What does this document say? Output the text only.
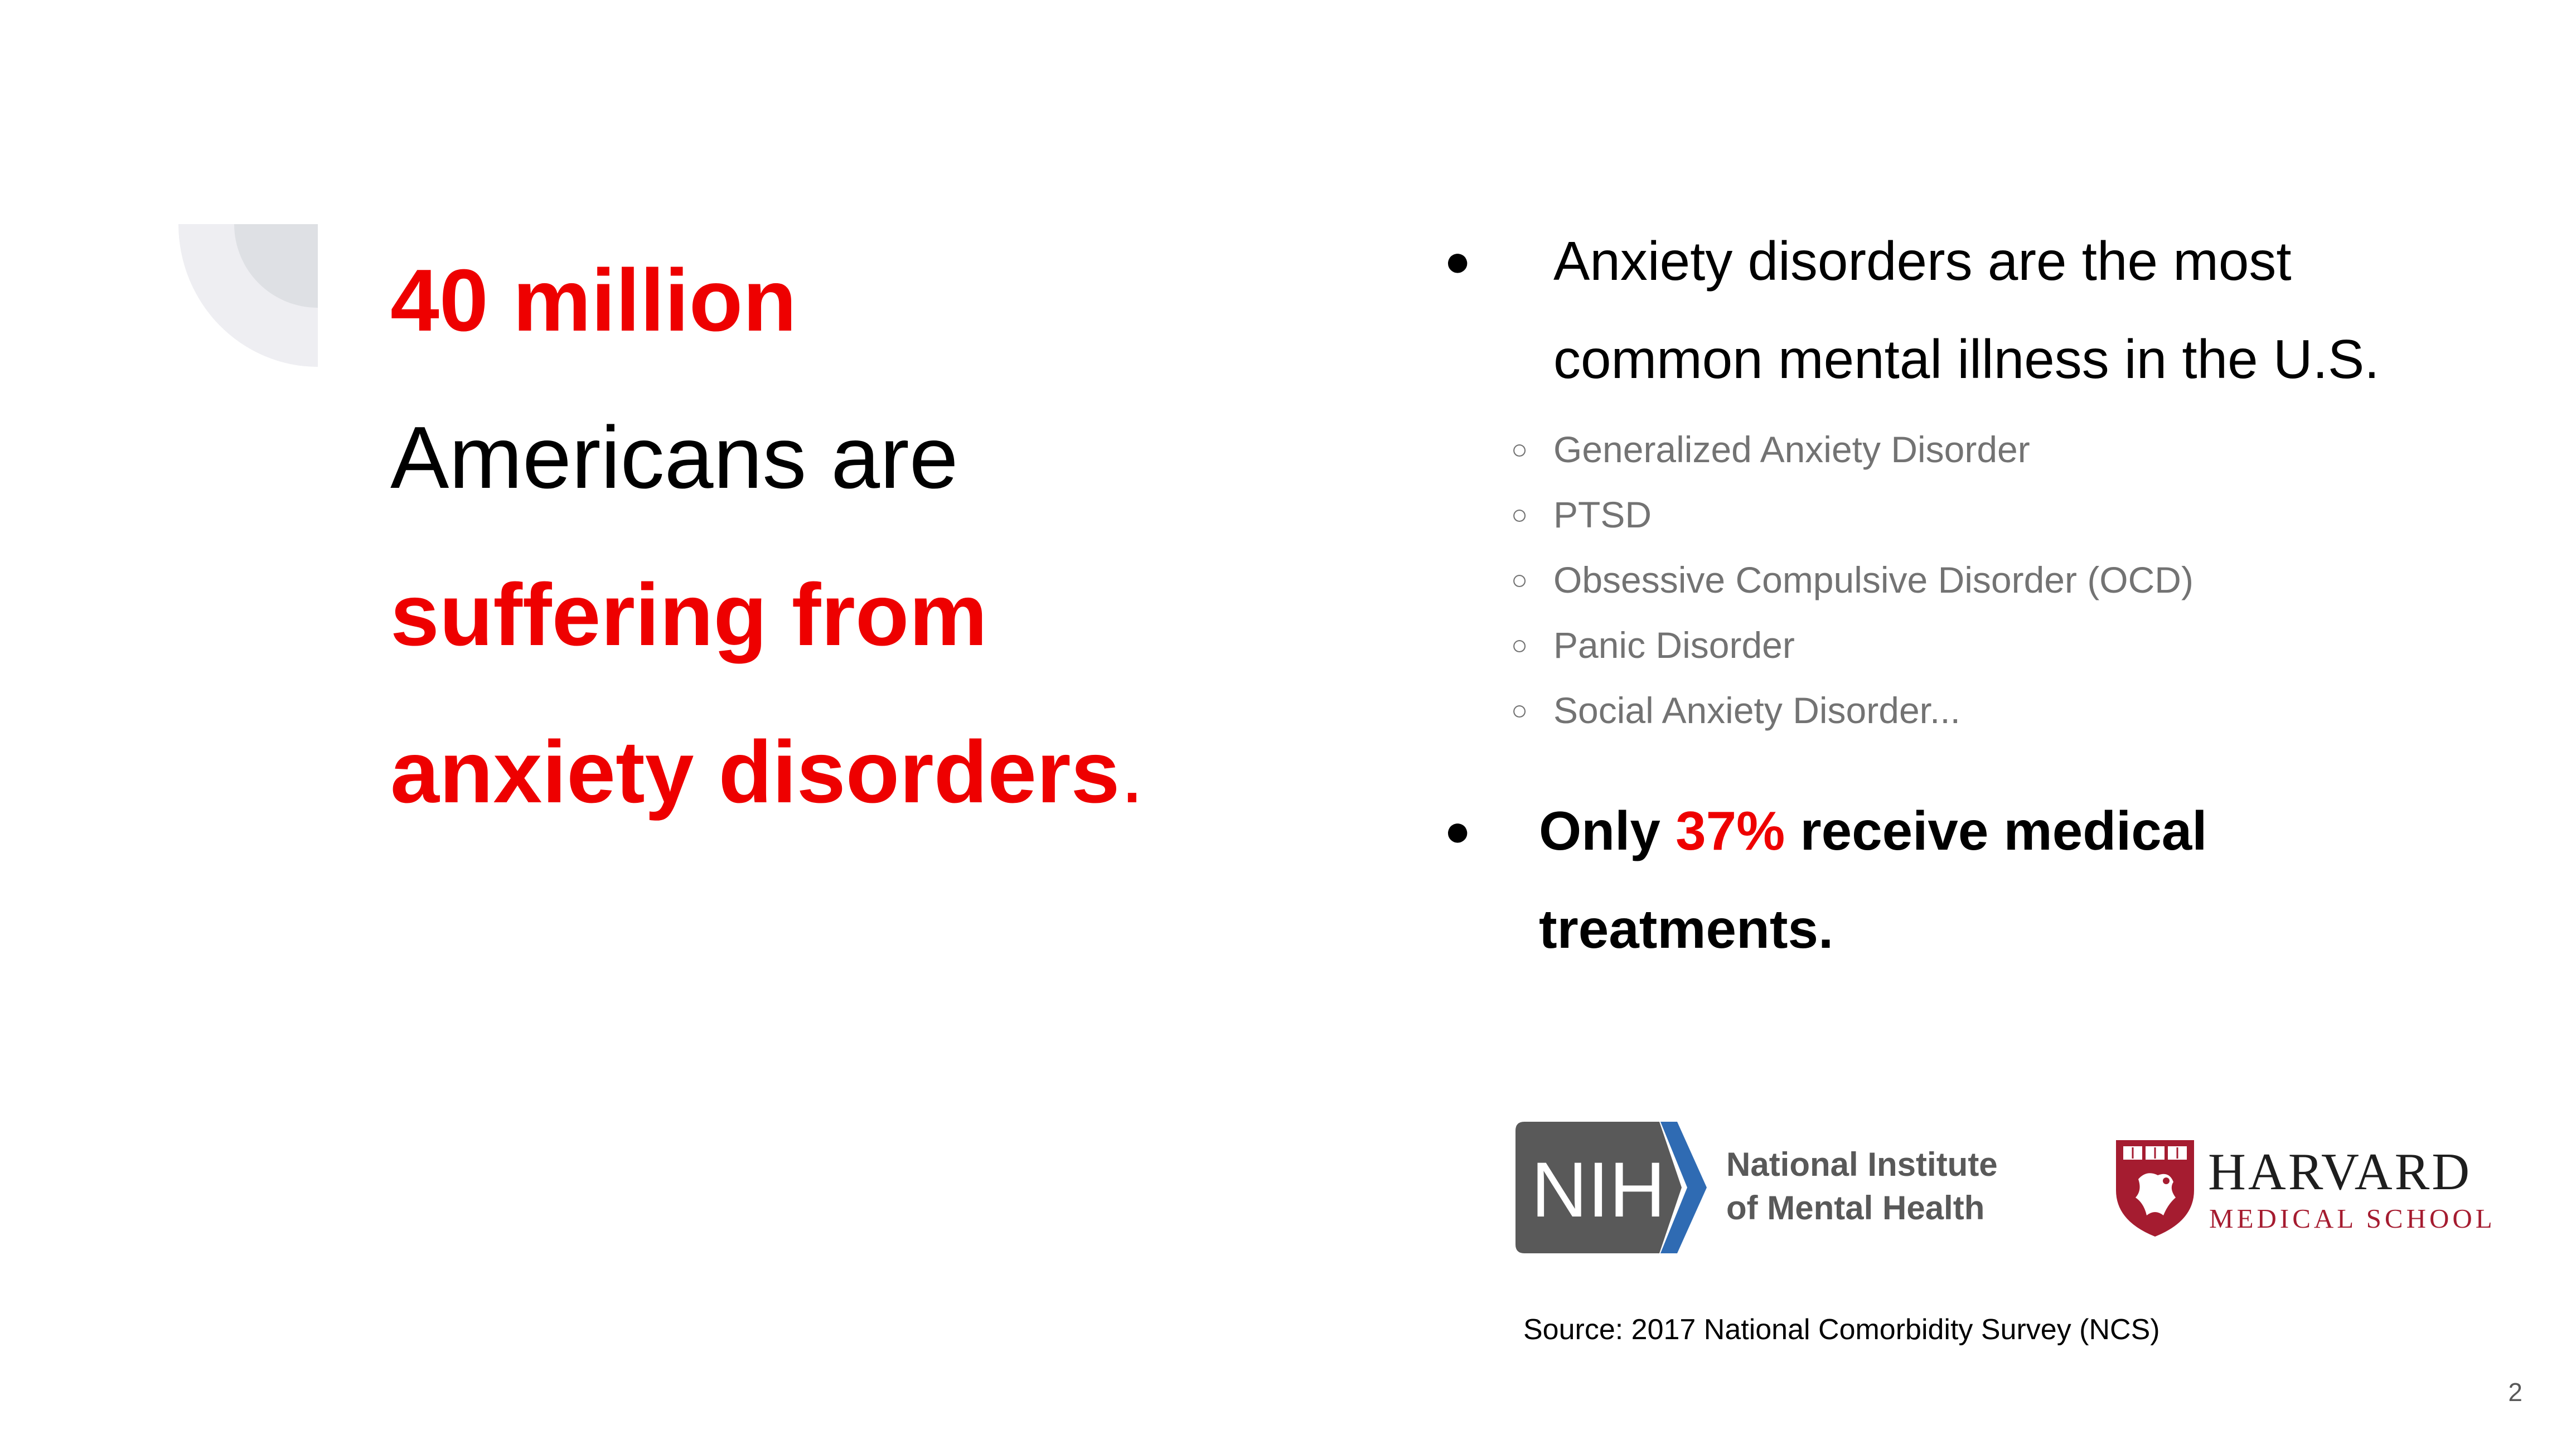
40 million
Americans are
suffering from
anxiety disorders.
● Anxiety disorders are the most
common mental illness in the U.S.
○ Generalized Anxiety Disorder
○ PTSD
○ Obsessive Compulsive Disorder (OCD)
○ Panic Disorder
○ Social Anxiety Disorder...
● Only 37% receive medical
treatments.
NIH National Institute
of Mental Health
HARVARD
MEDICAL SCHOOL
Source: 2017 National Comorbidity Survey (NCS)
2
